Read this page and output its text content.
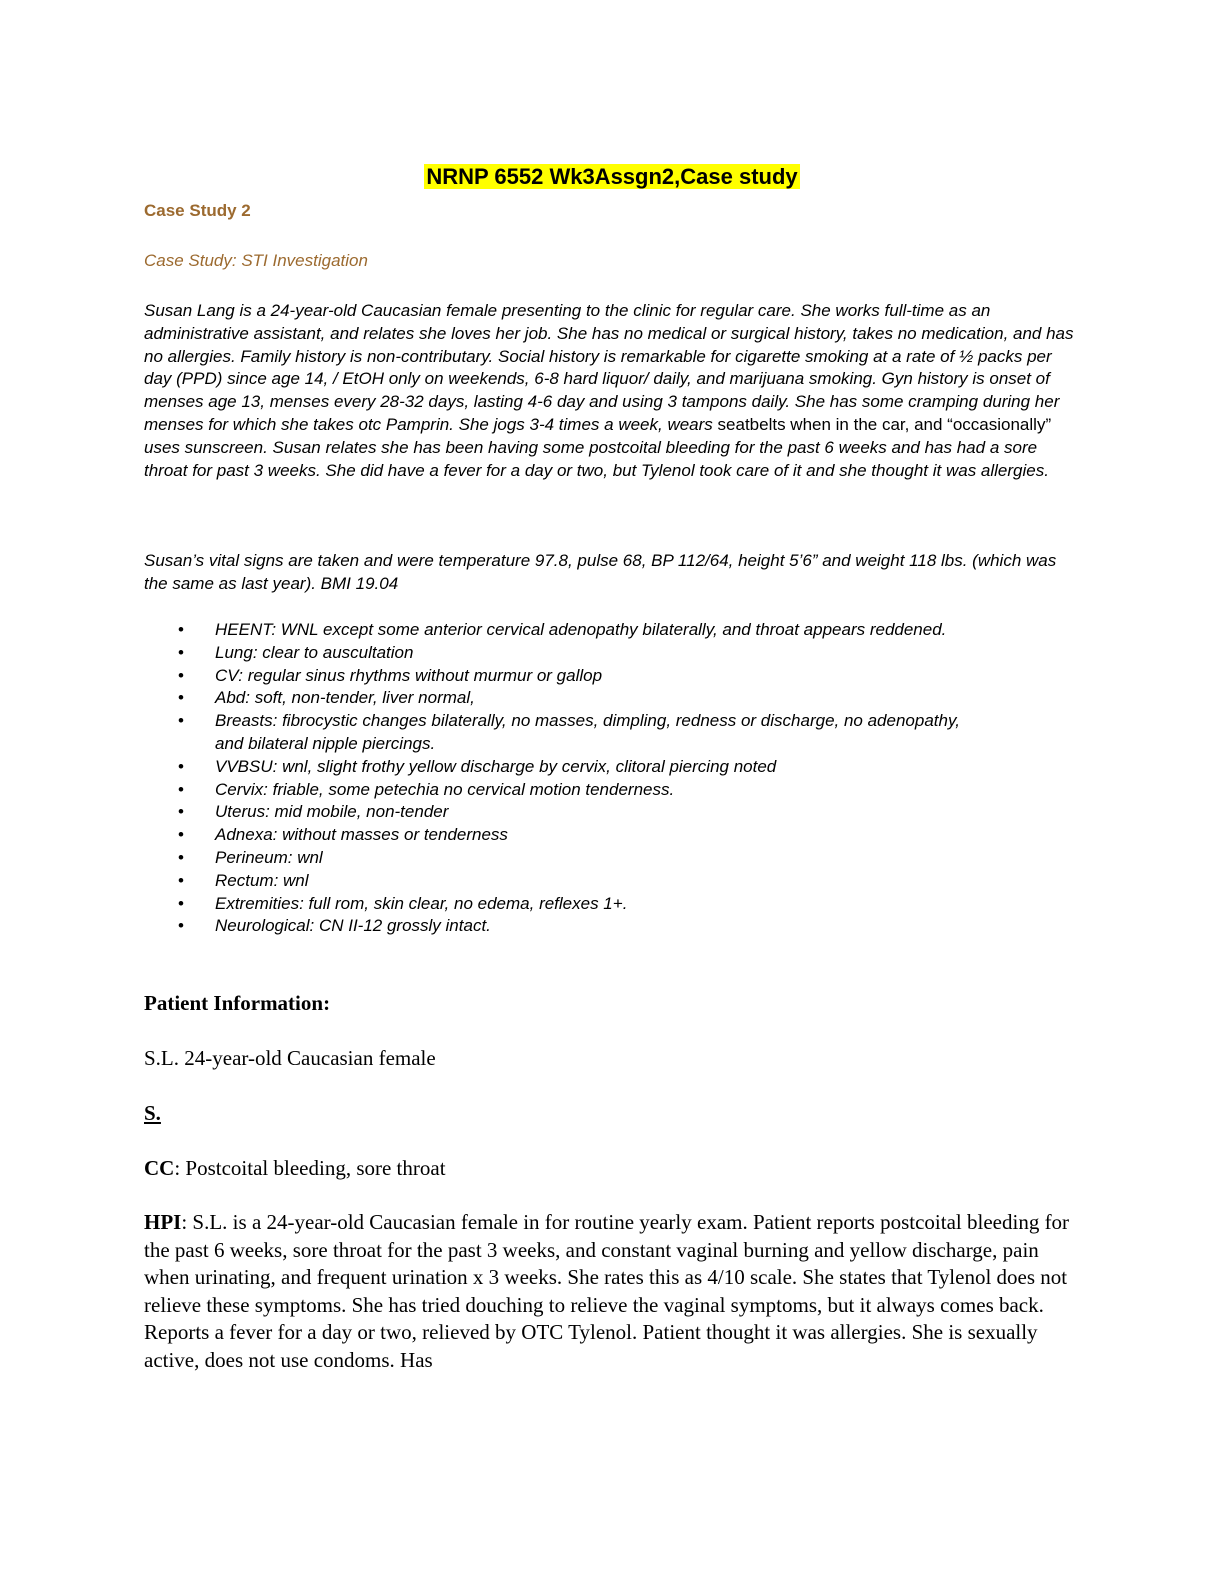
NRNP 6552 Wk3Assgn2,Case study
Case Study 2
Case Study: STI Investigation

Susan Lang is a 24-year-old Caucasian female presenting to the clinic for regular care. She works full-time as an administrative assistant, and relates she loves her job. She has no medical or surgical history, takes no medication, and has no allergies. Family history is non-contributary. Social history is remarkable for cigarette smoking at a rate of ½ packs per day (PPD) since age 14, / EtOH only on weekends, 6-8 hard liquor/ daily, and marijuana smoking. Gyn history is onset of menses age 13, menses every 28-32 days, lasting 4-6 day and using 3 tampons daily. She has some cramping during her menses for which she takes otc Pamprin. She jogs 3-4 times a week, wears seatbelts when in the car, and “occasionally” uses sunscreen. Susan relates she has been having some postcoital bleeding for the past 6 weeks and has had a sore throat for past 3 weeks. She did have a fever for a day or two, but Tylenol took care of it and she thought it was allergies.

Susan’s vital signs are taken and were temperature 97.8, pulse 68, BP 112/64, height 5’6” and weight 118 lbs. (which was the same as last year). BMI 19.04

• HEENT: WNL except some anterior cervical adenopathy bilaterally, and throat appears reddened.
• Lung: clear to auscultation
• CV: regular sinus rhythms without murmur or gallop
• Abd: soft, non-tender, liver normal,
• Breasts: fibrocystic changes bilaterally, no masses, dimpling, redness or discharge, no adenopathy, and bilateral nipple piercings.
• VVBSU: wnl, slight frothy yellow discharge by cervix, clitoral piercing noted
• Cervix: friable, some petechia no cervical motion tenderness.
• Uterus: mid mobile, non-tender
• Adnexa: without masses or tenderness
• Perineum: wnl
• Rectum: wnl
• Extremities: full rom, skin clear, no edema, reflexes 1+.
• Neurological: CN II-12 grossly intact.
Patient Information:
S.L. 24-year-old Caucasian female
S.
CC: Postcoital bleeding, sore throat

HPI: S.L. is a 24-year-old Caucasian female in for routine yearly exam. Patient reports postcoital bleeding for the past 6 weeks, sore throat for the past 3 weeks, and constant vaginal burning and yellow discharge, pain when urinating, and frequent urination x 3 weeks. She rates this as 4/10 scale. She states that Tylenol does not relieve these symptoms. She has tried douching to relieve the vaginal symptoms, but it always comes back. Reports a fever for a day or two, relieved by OTC Tylenol. Patient thought it was allergies. She is sexually active, does not use condoms. Has
